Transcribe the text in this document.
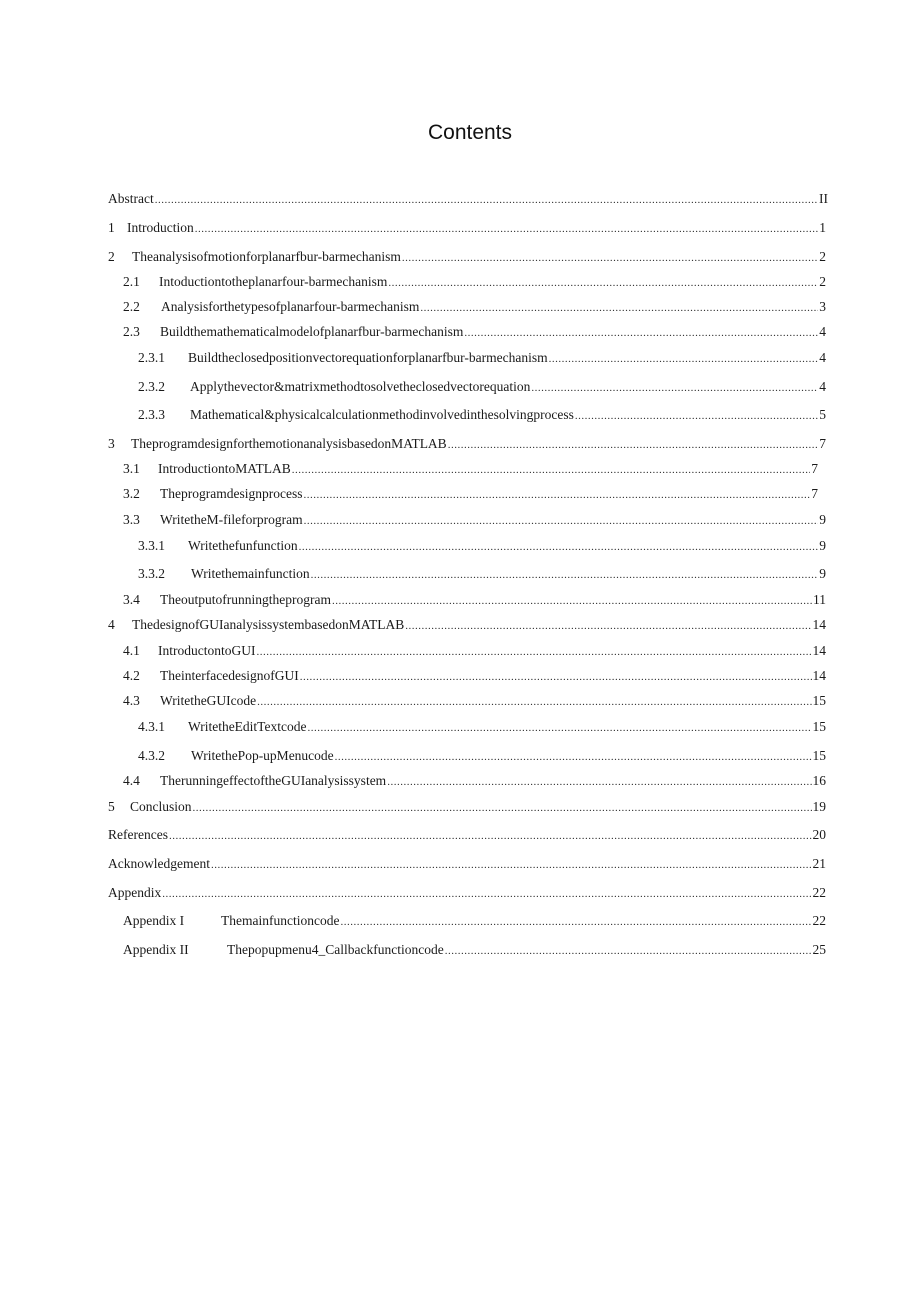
Contents
Abstract .....	II
1 Introduction .....	1
2	Theanalysisofmotionforplanarfbur-barmechanism .....	2
2.1	Intoductiontotheplanarfour-barmechanism .....	2
2.2	Analysisforthetypesofplanarfour-barmechanism .....	3
2.3	Buildthemathematicalmodelofplanarfbur-barmechanism .....	4
2.3.1	Buildtheclosedpositionvectorequationforplanarfbur-barmechanism .....	4
2.3.2	Applythevector&matrixmethodtosolvetheclosedvectorequation .....	4
2.3.3	Mathematical&physicalcalculationmethodinvolvedinthesolvingprocess .....	5
3	TheprogramdesignforthemotionanalysisbasedonMATLAB .....	7
3.1	IntroductiontoMATLAB .....	7
3.2	Theprogramdesignprocess .....	7
3.3	WritetheM-fileforprogram .....	9
3.3.1	Writethefunfunction .....	9
3.3.2	Writethemainfunction .....	9
3.4	Theoutputofrunningtheprogram .....	11
4	ThedesignofGUIanalysissystembasedonMATLAB .....	14
4.1	IntroductontoGUI .....	14
4.2	TheinterfacedesignofGUI .....	14
4.3	WritetheGUIcode .....	15
4.3.1	WritetheEditTextcode .....	15
4.3.2	WritethePop-upMenucode .....	15
4.4	TherunningeffectoftheGUIanalysissystem .....	16
5	Conclusion .....	19
References .....	20
Acknowledgement .....	21
Appendix .....	22
Appendix I	Themainfunctioncode .....	22
Appendix II	Thepopupmenu4_Callbackfunctioncode .....	25
